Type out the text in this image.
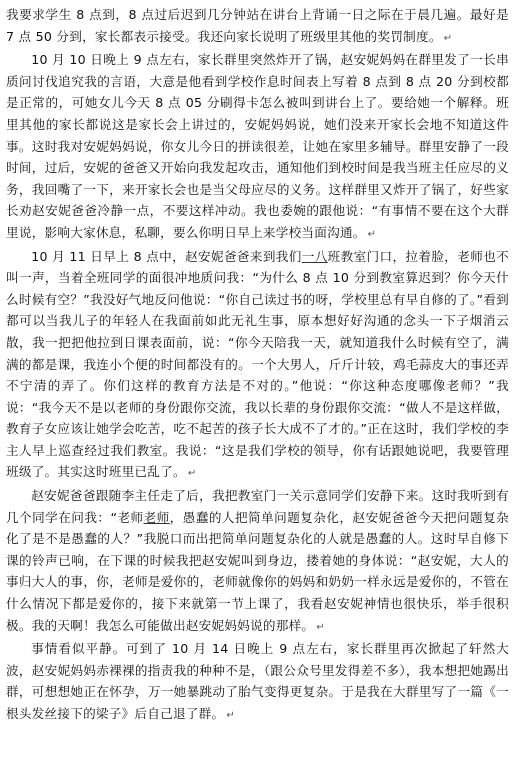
我要求学生 8 点到，8 点过后迟到几分钟站在讲台上背诵一日之际在于晨几遍。最好是 7 点 50 分到，家长都表示接受。我还向家长说明了班级里其他的奖罚制度。 ↵

10 月 10 日晚上 9 点左右，家长群里突然炸开了锅，赵安妮妈妈在群里发了一长串质问讨伐追究我的言语，大意是他看到学校作息时间表上写着 8 点到 8 点 20 分到校都是正常的，可她女儿今天 8 点 05 分刷得卡怎么被叫到讲台上了。要给她一个解释。班里其他的家长都说这是家长会上讲过的，安妮妈妈说，她们没来开家长会地不知道这件事。这时我对安妮妈妈说，你女儿今日的拼读很差，让她在家里多辅导。群里安静了一段时间，过后，安妮的爸爸又开始向我发起攻击，通知他们到校时间是我当班主任应尽的义务，我回嘴了一下，来开家长会也是当父母应尽的义务。这样群里又炸开了锅了，好些家长劝赵安妮爸爸冷静一点，不要这样冲动。我也委婉的跟他说：“有事情不要在这个大群里说，影响大家休息，私聊，要么你明日早上来学校当面沟通。 ↵

10 月 11 日早上 8 点中，赵安妮爸爸来到我们一八班教室门口，拉着脸，老师也不叫一声，当着全班同学的面很冲地质问我：“为什么 8 点 10 分到教室算迟到？你今天什么时候有空？”我没好气地反问他说：“你自己读过书的呀，学校里总有早自修的了。”看到都可以当我儿子的年轻人在我面前如此无礼生事，原本想好好沟通的念头一下子烟消云散，我一把把他拉到日课表面前，说：“你今天陪我一天，就知道我什么时候有空了，满满的都是课，我连小个便的时间都没有的。一个大男人，斤斤计较，鸡毛蒜皮大的事还弄不宁清的弄了。你们这样的教育方法是不对的。”他说：“你这种态度哪像老师？”我说：“我今天不是以老师的身份跟你交流，我以长辈的身份跟你交流：“做人不是这样做，教育子女应该让她学会吃苦，吃不起苦的孩子长大成不了才的。”正在这时，我们学校的李主人早上巡查经过我们教室。我说：“这是我们学校的领导，你有话跟她说吧，我要管理班级了。其实这时班里已乱了。 ↵

赵安妮爸爸跟随李主任走了后，我把教室门一关示意同学们安静下来。这时我听到有几个同学在问我：“老师老师，愚蠢的人把简单问题复杂化，赵安妮爸爸今天把问题复杂化了是不是愚蠢的人？”我脱口而出把简单问题复杂化的人就是愚蠢的人。这时早自修下课的铃声已响，在下课的时候我把赵安妮叫到身边，搂着她的身体说：“赵安妮，大人的事归大人的事，你，老师是爱你的，老师就像你的妈妈和奶奶一样永远是爱你的，不管在什么情况下都是爱你的，接下来就第一节上课了，我看赵安妮神情也很快乐，举手很积极。我的天啊！我怎么可能做出赵安妮妈妈说的那样。 ↵

事情看似平静。可到了 10 月 14 日晚上 9 点左右，家长群里再次掀起了轩然大波，赵安妮妈妈赤裸裸的指责我的种种不是，（跟公众号里发得差不多），我本想把她踢出群，可想想她正在怀孕，万一她暴跳动了胎气变得更复杂。于是我在大群里写了一篇《一根头发丝接下的梁子》后自己退了群。 ↵
